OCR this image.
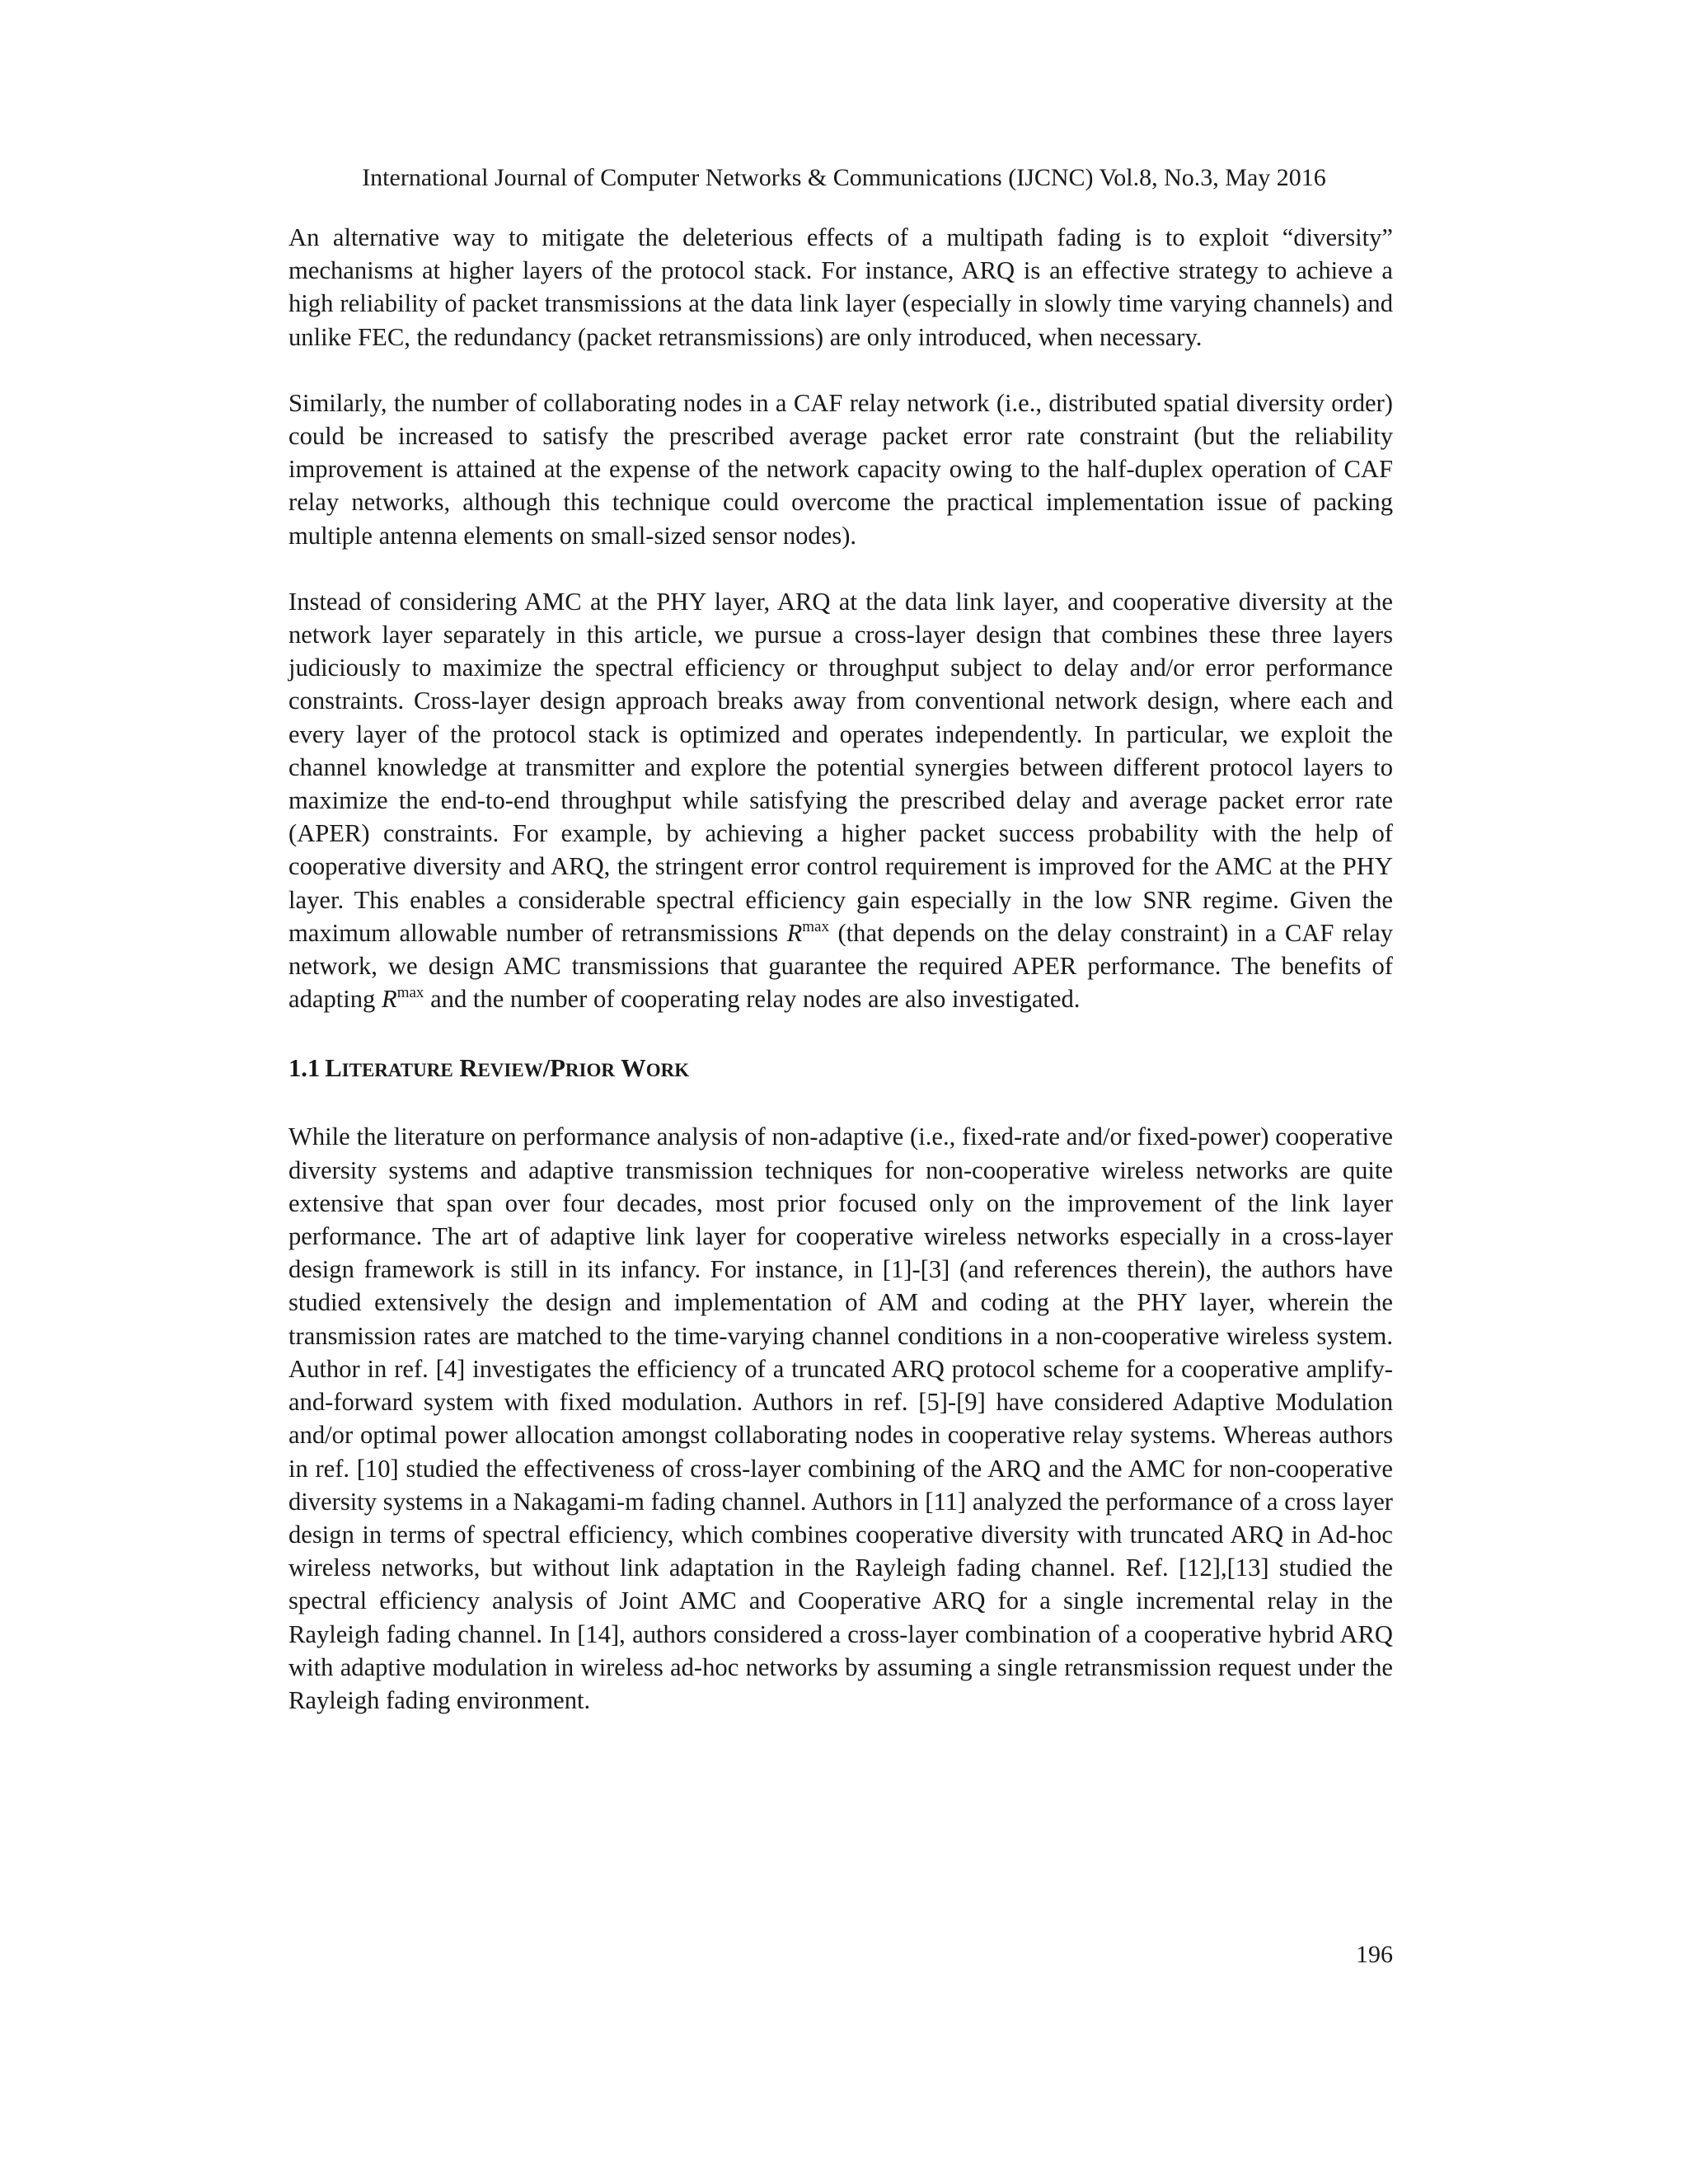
International Journal of Computer Networks & Communications (IJCNC) Vol.8, No.3, May 2016

An alternative way to mitigate the deleterious effects of a multipath fading is to exploit “diversity” mechanisms at higher layers of the protocol stack. For instance, ARQ is an effective strategy to achieve a high reliability of packet transmissions at the data link layer (especially in slowly time varying channels) and unlike FEC, the redundancy (packet retransmissions) are only introduced, when necessary.

Similarly, the number of collaborating nodes in a CAF relay network (i.e., distributed spatial diversity order) could be increased to satisfy the prescribed average packet error rate constraint (but the reliability improvement is attained at the expense of the network capacity owing to the half-duplex operation of CAF relay networks, although this technique could overcome the practical implementation issue of packing multiple antenna elements on small-sized sensor nodes).

Instead of considering AMC at the PHY layer, ARQ at the data link layer, and cooperative diversity at the network layer separately in this article, we pursue a cross-layer design that combines these three layers judiciously to maximize the spectral efficiency or throughput subject to delay and/or error performance constraints. Cross-layer design approach breaks away from conventional network design, where each and every layer of the protocol stack is optimized and operates independently. In particular, we exploit the channel knowledge at transmitter and explore the potential synergies between different protocol layers to maximize the end-to-end throughput while satisfying the prescribed delay and average packet error rate (APER) constraints. For example, by achieving a higher packet success probability with the help of cooperative diversity and ARQ, the stringent error control requirement is improved for the AMC at the PHY layer. This enables a considerable spectral efficiency gain especially in the low SNR regime. Given the maximum allowable number of retransmissions $R^{max}$ (that depends on the delay constraint) in a CAF relay network, we design AMC transmissions that guarantee the required APER performance. The benefits of adapting $R^{max}$ and the number of cooperating relay nodes are also investigated.

1.1 LITERATURE REVIEW/PRIOR WORK

While the literature on performance analysis of non-adaptive (i.e., fixed-rate and/or fixed-power) cooperative diversity systems and adaptive transmission techniques for non-cooperative wireless networks are quite extensive that span over four decades, most prior focused only on the improvement of the link layer performance. The art of adaptive link layer for cooperative wireless networks especially in a cross-layer design framework is still in its infancy. For instance, in [1]-[3] (and references therein), the authors have studied extensively the design and implementation of AM and coding at the PHY layer, wherein the transmission rates are matched to the time-varying channel conditions in a non-cooperative wireless system. Author in ref. [4] investigates the efficiency of a truncated ARQ protocol scheme for a cooperative amplify-and-forward system with fixed modulation. Authors in ref. [5]-[9] have considered Adaptive Modulation and/or optimal power allocation amongst collaborating nodes in cooperative relay systems. Whereas authors in ref. [10] studied the effectiveness of cross-layer combining of the ARQ and the AMC for non-cooperative diversity systems in a Nakagami-m fading channel. Authors in [11] analyzed the performance of a cross layer design in terms of spectral efficiency, which combines cooperative diversity with truncated ARQ in Ad-hoc wireless networks, but without link adaptation in the Rayleigh fading channel. Ref. [12],[13] studied the spectral efficiency analysis of Joint AMC and Cooperative ARQ for a single incremental relay in the Rayleigh fading channel. In [14], authors considered a cross-layer combination of a cooperative hybrid ARQ with adaptive modulation in wireless ad-hoc networks by assuming a single retransmission request under the Rayleigh fading environment.

196
